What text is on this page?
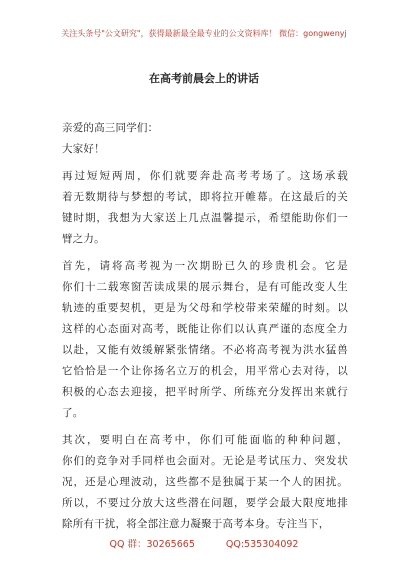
关注头条号"公文研究"，获得最新最全最专业的公文资料库！ 微信：gongwenyj
在高考前晨会上的讲话
亲爱的高三同学们：
大家好！
再过短短两周，你们就要奔赴高考考场了。这场承载
着无数期待与梦想的考试，即将拉开帷幕。在这最后的关
键时期，我想为大家送上几点温馨提示，希望能助你们一
臂之力。
首先，请将高考视为一次期盼已久的珍贵机会。它是
你们十二载寒窗苦读成果的展示舞台，是有可能改变人生
轨迹的重要契机，更是为父母和学校带来荣耀的时刻。以
这样的心态面对高考，既能让你们以认真严谨的态度全力
以赴，又能有效缓解紧张情绪。不必将高考视为洪水猛兽
它恰恰是一个让你扬名立万的机会，用平常心去对待，以
积极的心态去迎接，把平时所学、所练充分发挥出来就行
了。
其次，要明白在高考中，你们可能面临的种种问题，
你们的竞争对手同样也会面对。无论是考试压力、突发状
况，还是心理波动，这些都不是独属于某一个人的困扰。
所以，不要过分放大这些潜在问题，要学会最大限度地排
除所有干扰，将全部注意力凝聚于高考本身。专注当下，
QQ 群：30265665	QQ:535304092
